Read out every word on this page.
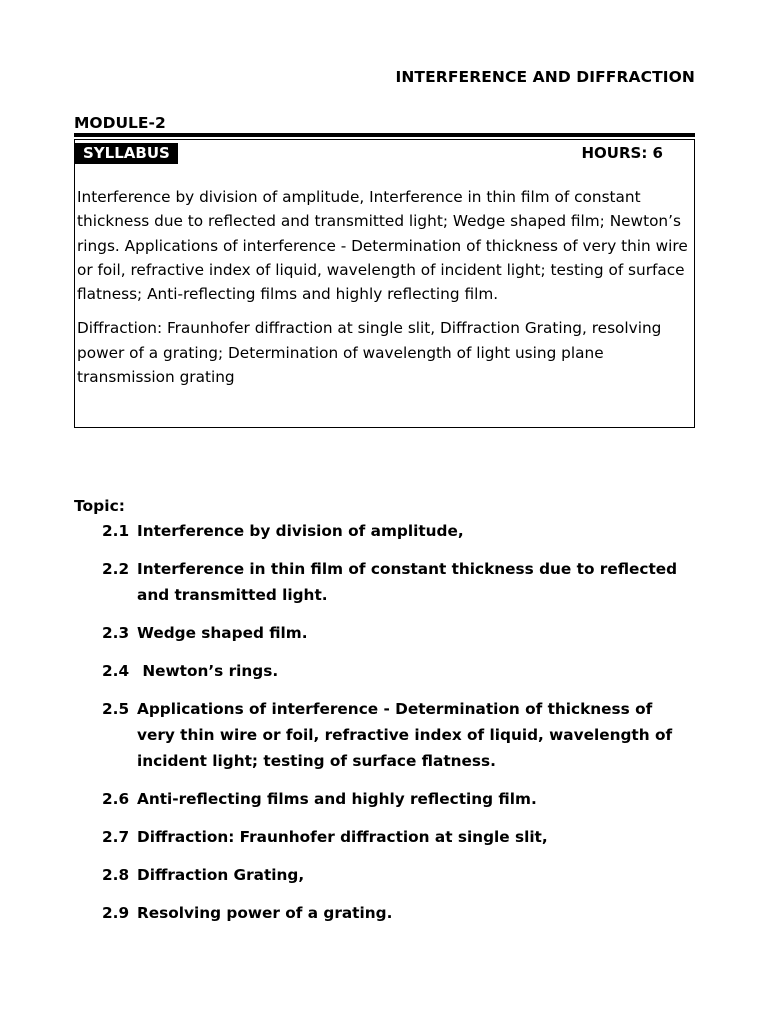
INTERFERENCE AND DIFFRACTION
MODULE-2
SYLLABUS	HOURS: 6

Interference by division of amplitude, Interference in thin film of constant thickness due to reflected and transmitted light; Wedge shaped film; Newton’s rings. Applications of interference - Determination of thickness of very thin wire or foil, refractive index of liquid, wavelength of incident light; testing of surface flatness; Anti-reflecting films and highly reflecting film.

Diffraction: Fraunhofer diffraction at single slit, Diffraction Grating, resolving power of a grating; Determination of wavelength of light using plane transmission grating

Topic:
2.1 Interference by division of amplitude,
2.2 Interference in thin film of constant thickness due to reflected and transmitted light.
2.3 Wedge shaped film.
2.4 Newton’s rings.
2.5 Applications of interference - Determination of thickness of very thin wire or foil, refractive index of liquid, wavelength of incident light; testing of surface flatness.
2.6 Anti-reflecting films and highly reflecting film.
2.7 Diffraction: Fraunhofer diffraction at single slit,
2.8 Diffraction Grating,
2.9 Resolving power of a grating.
